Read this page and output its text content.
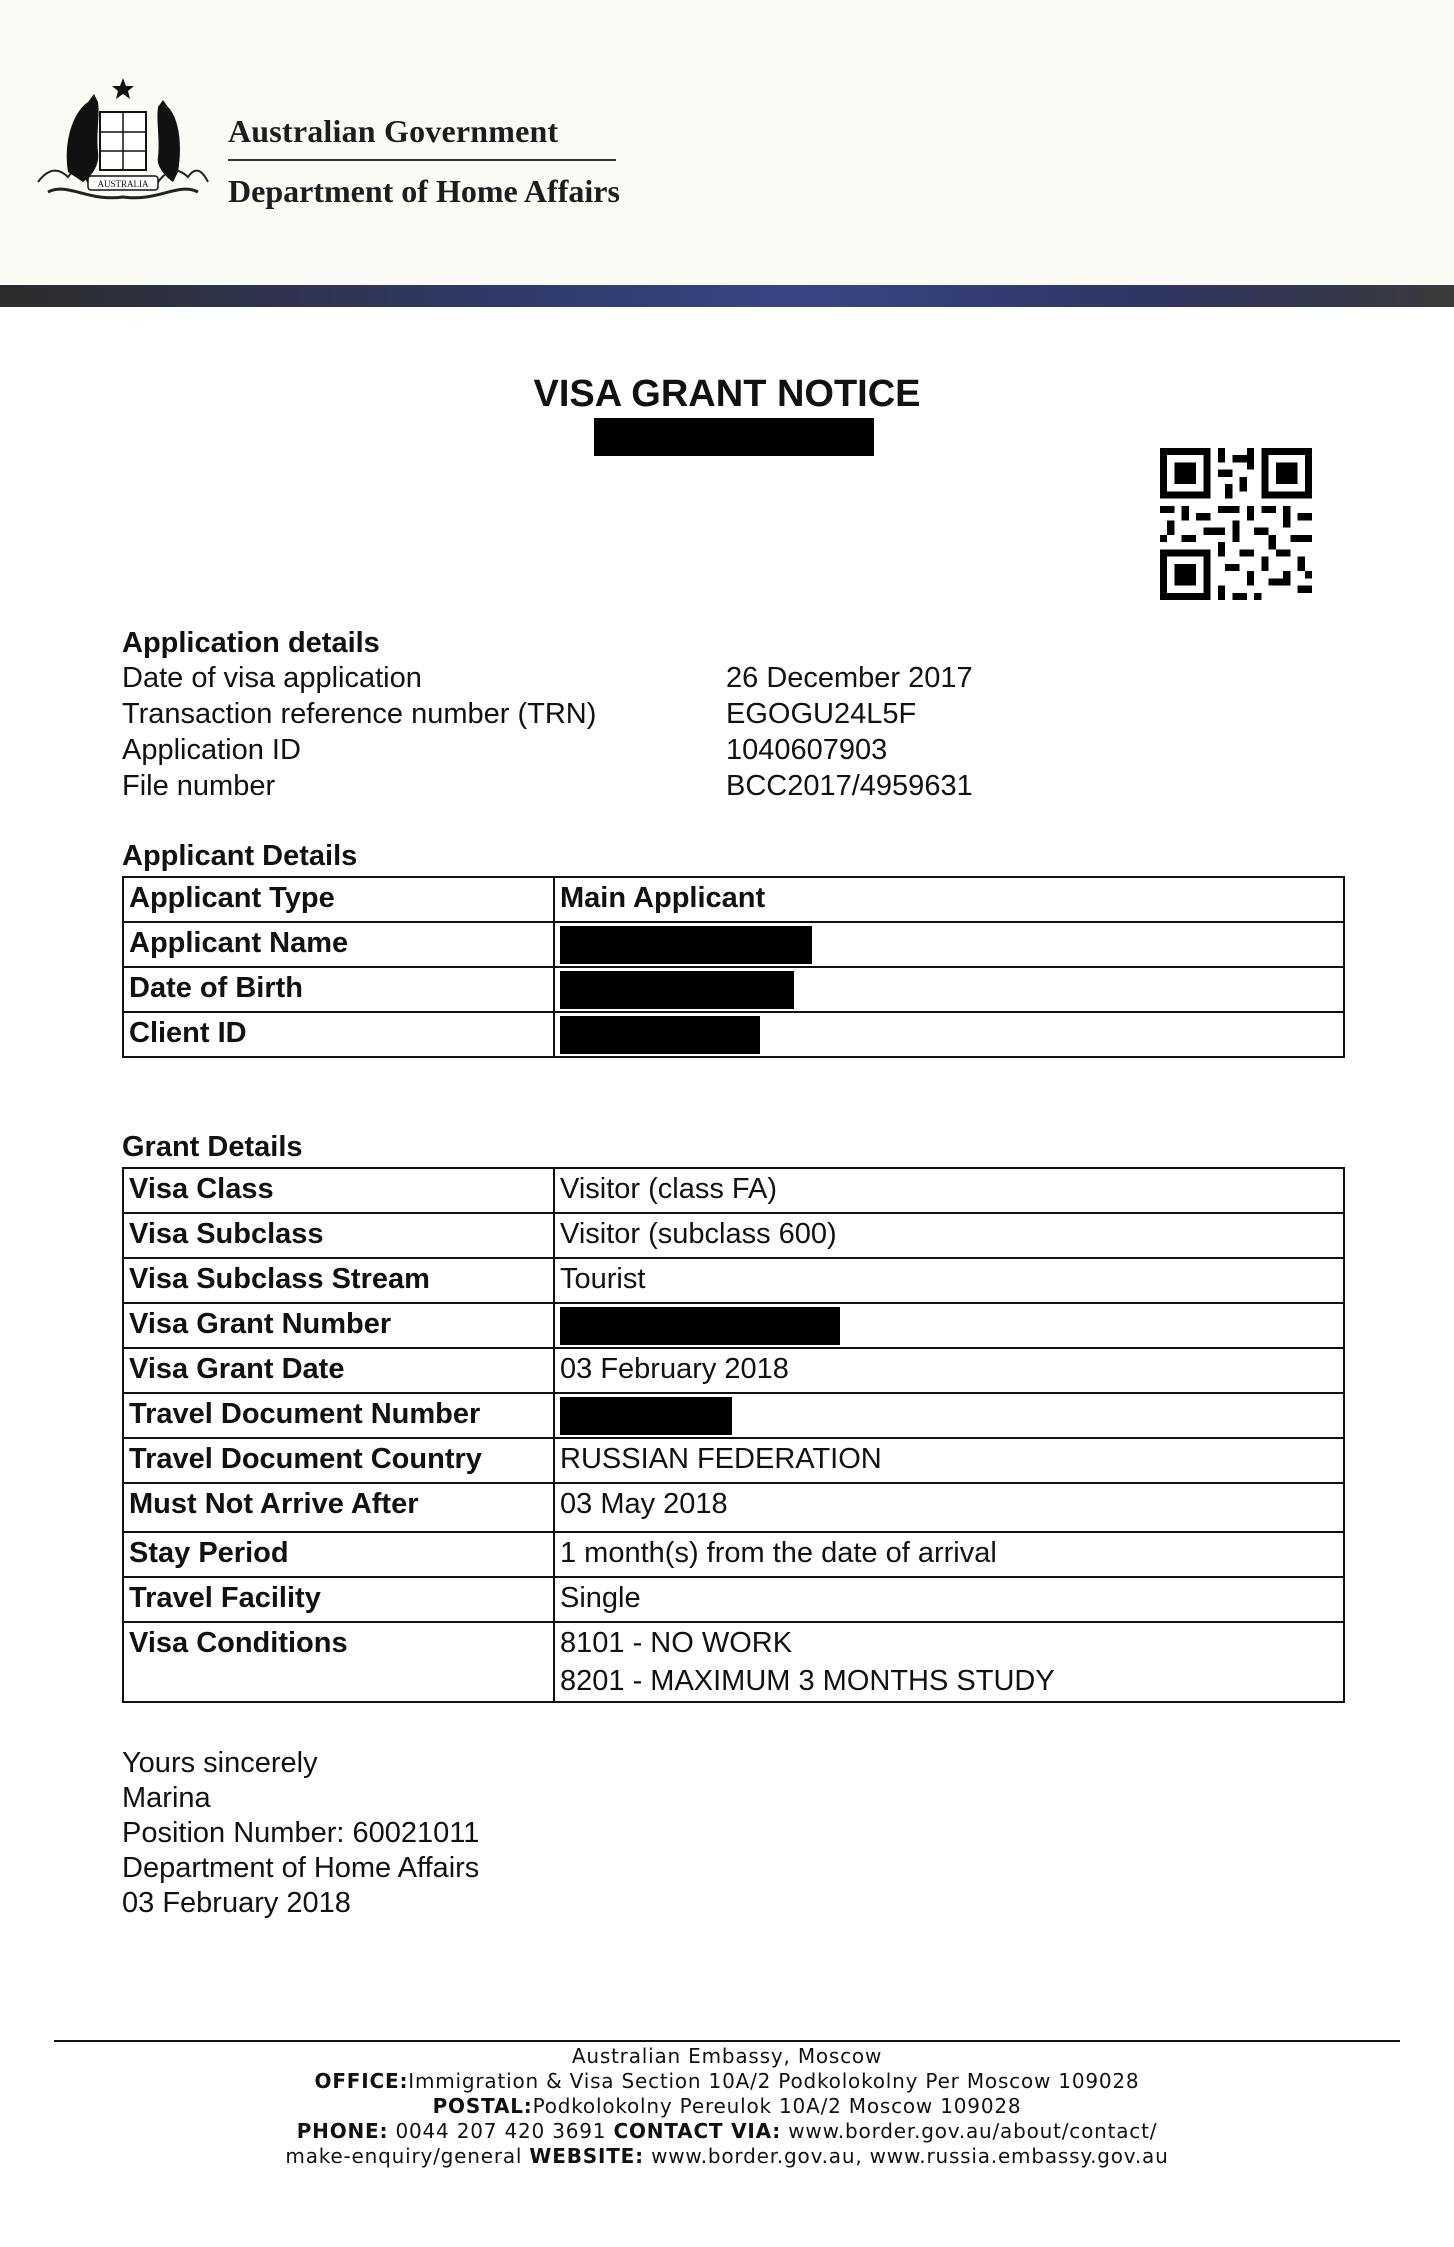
AUSTRALIA
Australian Government
Department of Home Affairs
VISA GRANT NOTICE
Application details
Date of visa application	26 December 2017
Transaction reference number (TRN)	EGOGU24L5F
Application ID	1040607903
File number	BCC2017/4959631
Applicant Details
Applicant Type	Main Applicant
Applicant Name	
Date of Birth	
Client ID	
Grant Details
Visa Class	Visitor (class FA)
Visa Subclass	Visitor (subclass 600)
Visa Subclass Stream	Tourist
Visa Grant Number	
Visa Grant Date	03 February 2018
Travel Document Number	
Travel Document Country	RUSSIAN FEDERATION
Must Not Arrive After	03 May 2018
Stay Period	1 month(s) from the date of arrival
Travel Facility	Single
Visa Conditions	8101 - NO WORK
8201 - MAXIMUM 3 MONTHS STUDY
Yours sincerely
Marina
Position Number: 60021011
Department of Home Affairs
03 February 2018
Australian Embassy, Moscow
OFFICE:Immigration & Visa Section 10A/2 Podkolokolny Per Moscow 109028
POSTAL:Podkolokolny Pereulok 10A/2 Moscow 109028
PHONE: 0044 207 420 3691 CONTACT VIA: www.border.gov.au/about/contact/
make-enquiry/general WEBSITE: www.border.gov.au, www.russia.embassy.gov.au
